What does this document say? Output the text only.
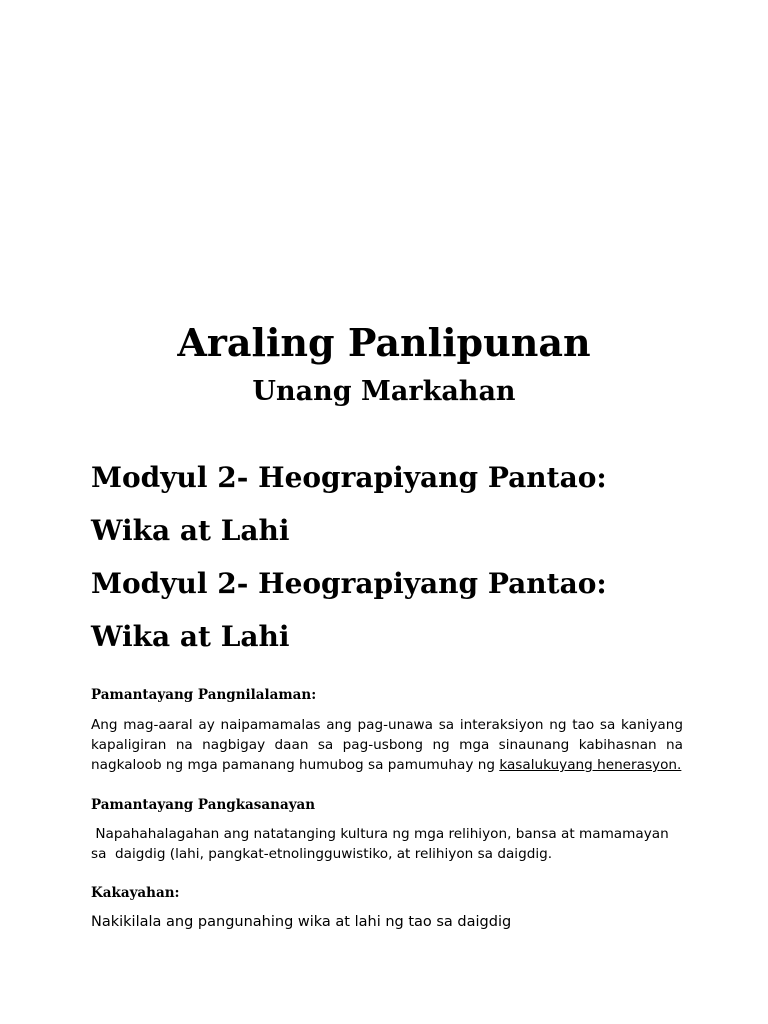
Araling Panlipunan
Unang Markahan
Modyul 2- Heograpiyang Pantao:
Wika at Lahi
Modyul 2- Heograpiyang Pantao:
Wika at Lahi
Pamantayang Pangnilalaman:
Ang mag-aaral ay naipamamalas ang pag-unawa sa interaksiyon ng tao sa kaniyang
kapaligiran na nagbigay daan sa pag-usbong ng mga sinaunang kabihasnan na
nagkaloob ng mga pamanang humubog sa pamumuhay ng kasalukuyang henerasyon.
Pamantayang Pangkasanayan
Napahahalagahan ang natatanging kultura ng mga relihiyon, bansa at mamamayan
sa  daigdig (lahi, pangkat-etnolingguwistiko, at relihiyon sa daigdig.
Kakayahan:
Nakikilala ang pangunahing wika at lahi ng tao sa daigdig
